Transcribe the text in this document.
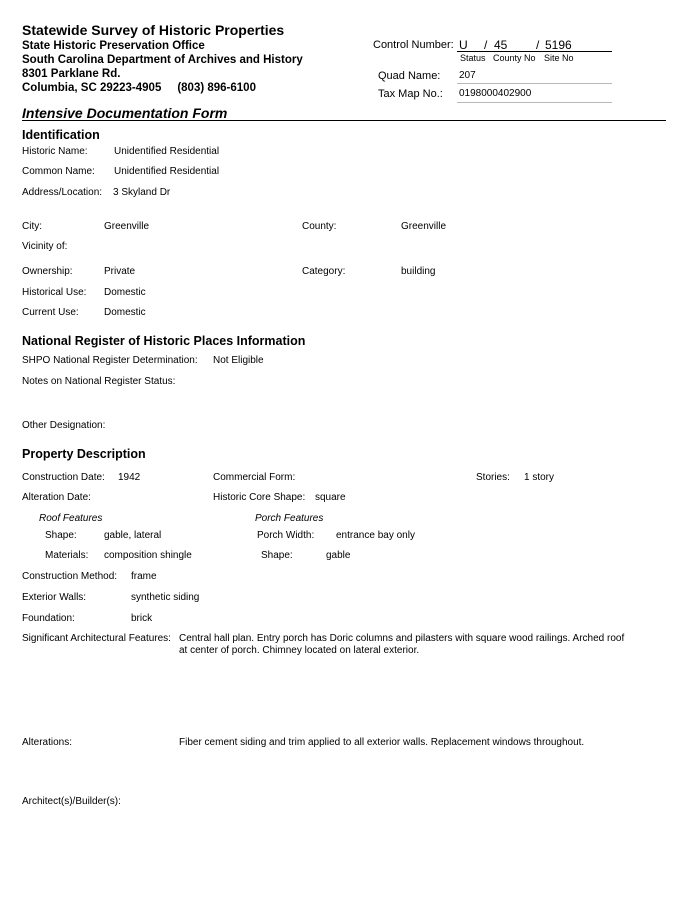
Statewide Survey of Historic Properties
State Historic Preservation Office
South Carolina Department of Archives and History
8301 Parklane Rd.
Columbia, SC 29223-4905     (803) 896-6100
Control Number: U / 45 / 5196
Status County No Site No
Quad Name: 207
Tax Map No.: 0198000402900
Intensive Documentation Form
Identification
Historic Name:	Unidentified Residential
Common Name: Unidentified Residential
Address/Location: 3 Skyland Dr
City:	Greenville	County:	Greenville
Vicinity of:
Ownership:	Private	Category:	building
Historical Use: Domestic
Current Use:	Domestic
National Register of Historic Places Information
SHPO National Register Determination: Not Eligible
Notes on National Register Status:
Other Designation:
Property Description
Construction Date: 1942	Commercial Form:	Stories: 1 story
Alteration Date:	Historic Core Shape: square
Roof Features	Porch Features
Shape:	gable, lateral	Porch Width: entrance bay only
Materials: composition shingle	Shape:	gable
Construction Method: frame
Exterior Walls:	synthetic siding
Foundation:	brick
Significant Architectural Features: Central hall plan. Entry porch has Doric columns and pilasters with square wood railings. Arched roof at center of porch. Chimney located on lateral exterior.
Alterations:	Fiber cement siding and trim applied to all exterior walls. Replacement windows throughout.
Architect(s)/Builder(s):
